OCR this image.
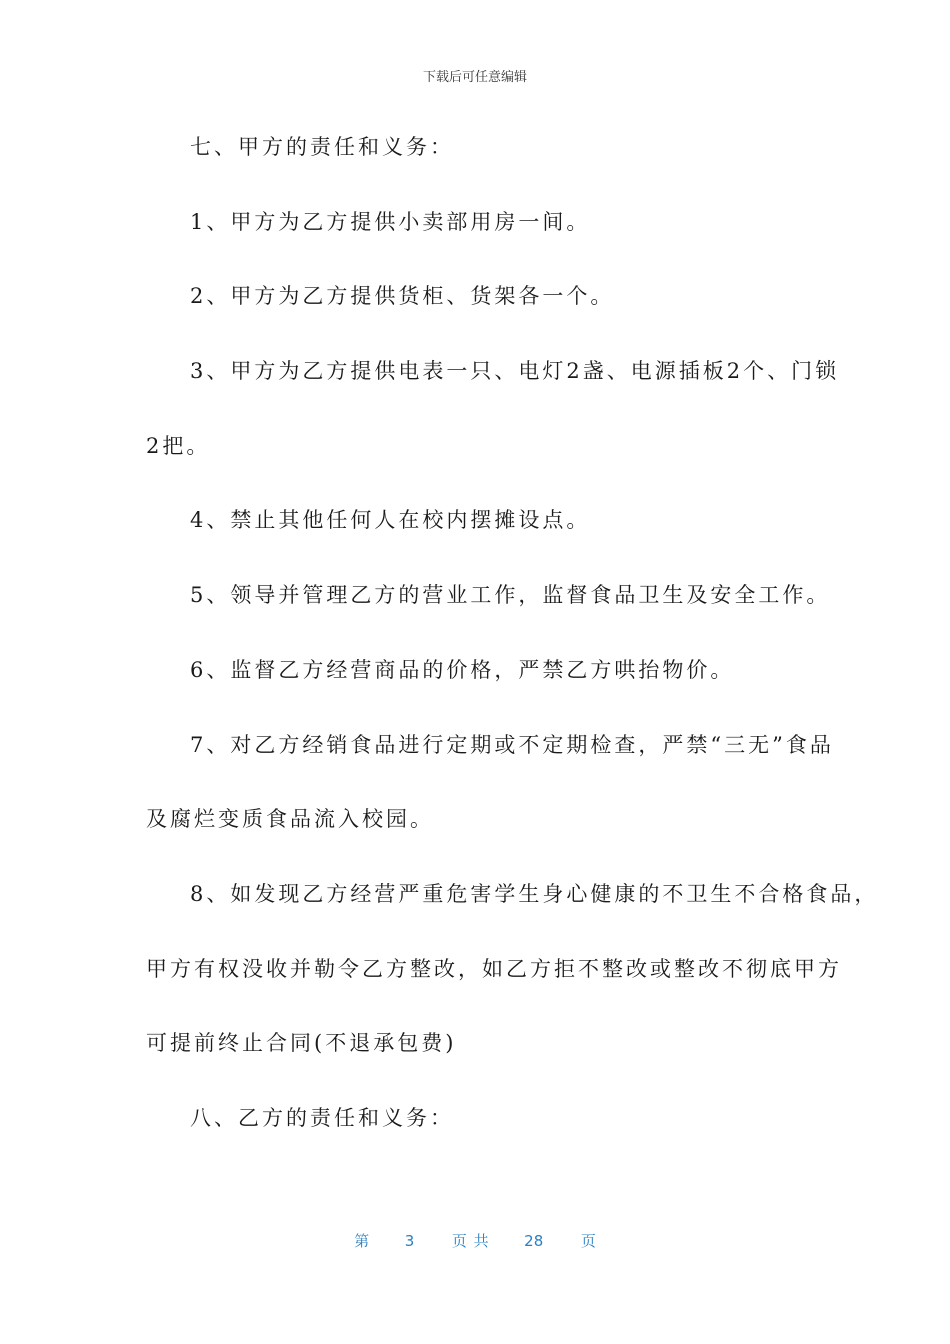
下载后可任意编辑
七、甲方的责任和义务：
1、甲方为乙方提供小卖部用房一间。
2、甲方为乙方提供货柜、货架各一个。
3、甲方为乙方提供电表一只、电灯2盏、电源插板2个、门锁
2把。
4、禁止其他任何人在校内摆摊设点。
5、领导并管理乙方的营业工作，监督食品卫生及安全工作。
6、监督乙方经营商品的价格，严禁乙方哄抬物价。
7、对乙方经销食品进行定期或不定期检查，严禁“三无”食品
及腐烂变质食品流入校园。
8、如发现乙方经营严重危害学生身心健康的不卫生不合格食品，
甲方有权没收并勒令乙方整改，如乙方拒不整改或整改不彻底甲方
可提前终止合同(不退承包费)
八、乙方的责任和义务：
第 3	页 共 28	页
